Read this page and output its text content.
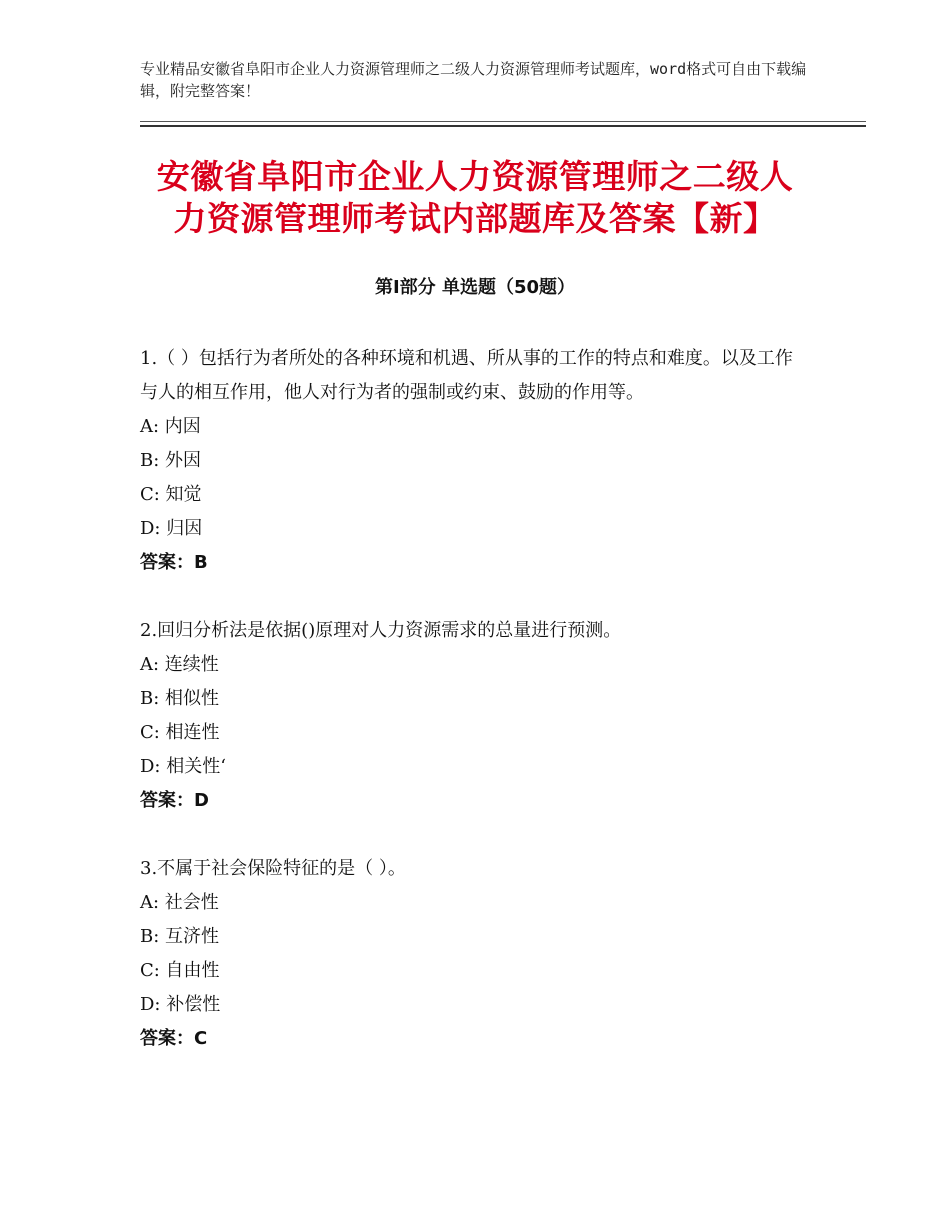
专业精品安徽省阜阳市企业人力资源管理师之二级人力资源管理师考试题库，word格式可自由下载编辑，附完整答案！
安徽省阜阳市企业人力资源管理师之二级人
力资源管理师考试内部题库及答案【新】
第Ⅰ部分 单选题（50题）

1.（ ）包括行为者所处的各种环境和机遇、所从事的工作的特点和难度。以及工作与人的相互作用，他人对行为者的强制或约束、鼓励的作用等。

A: 内因

B: 外因

C: 知觉

D: 归因

答案：B

2.回归分析法是依据()原理对人力资源需求的总量进行预测。

A: 连续性

B: 相似性

C: 相连性

D: 相关性‘

答案：D

3.不属于社会保险特征的是（ ）。

A: 社会性

B: 互济性

C: 自由性

D: 补偿性

答案：C
